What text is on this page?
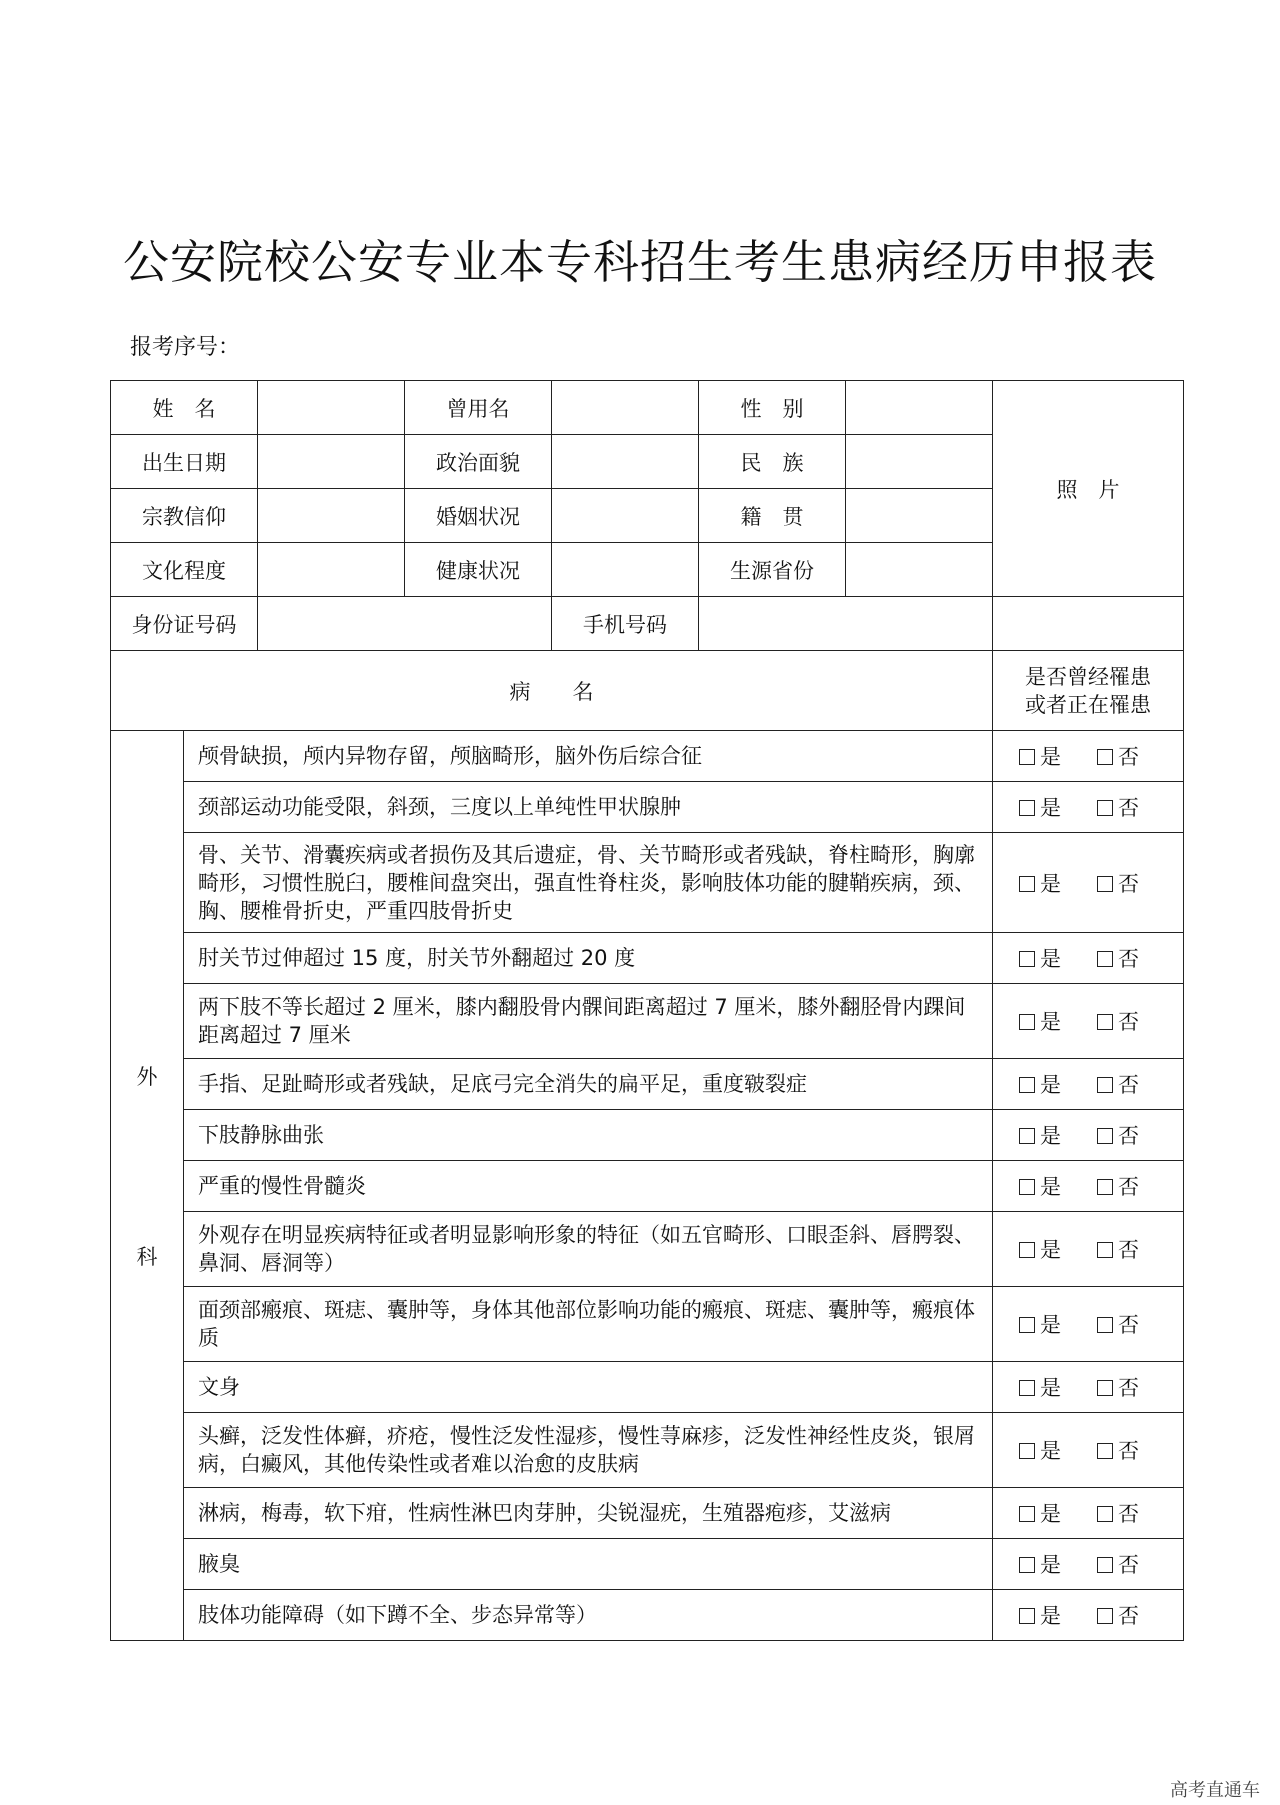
公安院校公安专业本专科招生考生患病经历申报表
报考序号：
姓　名			曾用名		性　别		照　片
出生日期			政治面貌		民　族		
宗教信仰			婚姻状况		籍　贯		
文化程度			健康状况		生源省份		
身份证号码				手机号码			
病　　名							是否曾经罹患
或者正在罹患

外
科	颅骨缺损，颅内异物存留，颅脑畸形，脑外伤后综合征						是 否
	颈部运动功能受限，斜颈，三度以上单纯性甲状腺肿						是 否
	骨、关节、滑囊疾病或者损伤及其后遗症，骨、关节畸形或者残缺，脊柱畸形，胸廓畸形，习惯性脱臼，腰椎间盘突出，强直性脊柱炎，影响肢体功能的腱鞘疾病，颈、胸、腰椎骨折史，严重四肢骨折史						是 否
	肘关节过伸超过 15 度，肘关节外翻超过 20 度						是 否
	两下肢不等长超过 2 厘米，膝内翻股骨内髁间距离超过 7 厘米，膝外翻胫骨内踝间距离超过 7 厘米						是 否
	手指、足趾畸形或者残缺，足底弓完全消失的扁平足，重度皲裂症						是 否
	下肢静脉曲张						是 否
	严重的慢性骨髓炎						是 否
	外观存在明显疾病特征或者明显影响形象的特征（如五官畸形、口眼歪斜、唇腭裂、鼻洞、唇洞等）						是 否
	面颈部瘢痕、斑痣、囊肿等，身体其他部位影响功能的瘢痕、斑痣、囊肿等，瘢痕体质						是 否
	文身						是 否
	头癣，泛发性体癣，疥疮，慢性泛发性湿疹，慢性荨麻疹，泛发性神经性皮炎，银屑病，白癜风，其他传染性或者难以治愈的皮肤病						是 否
	淋病，梅毒，软下疳，性病性淋巴肉芽肿，尖锐湿疣，生殖器疱疹，艾滋病						是 否
	腋臭						是 否
	肢体功能障碍（如下蹲不全、步态异常等）						是 否
高考直通车
